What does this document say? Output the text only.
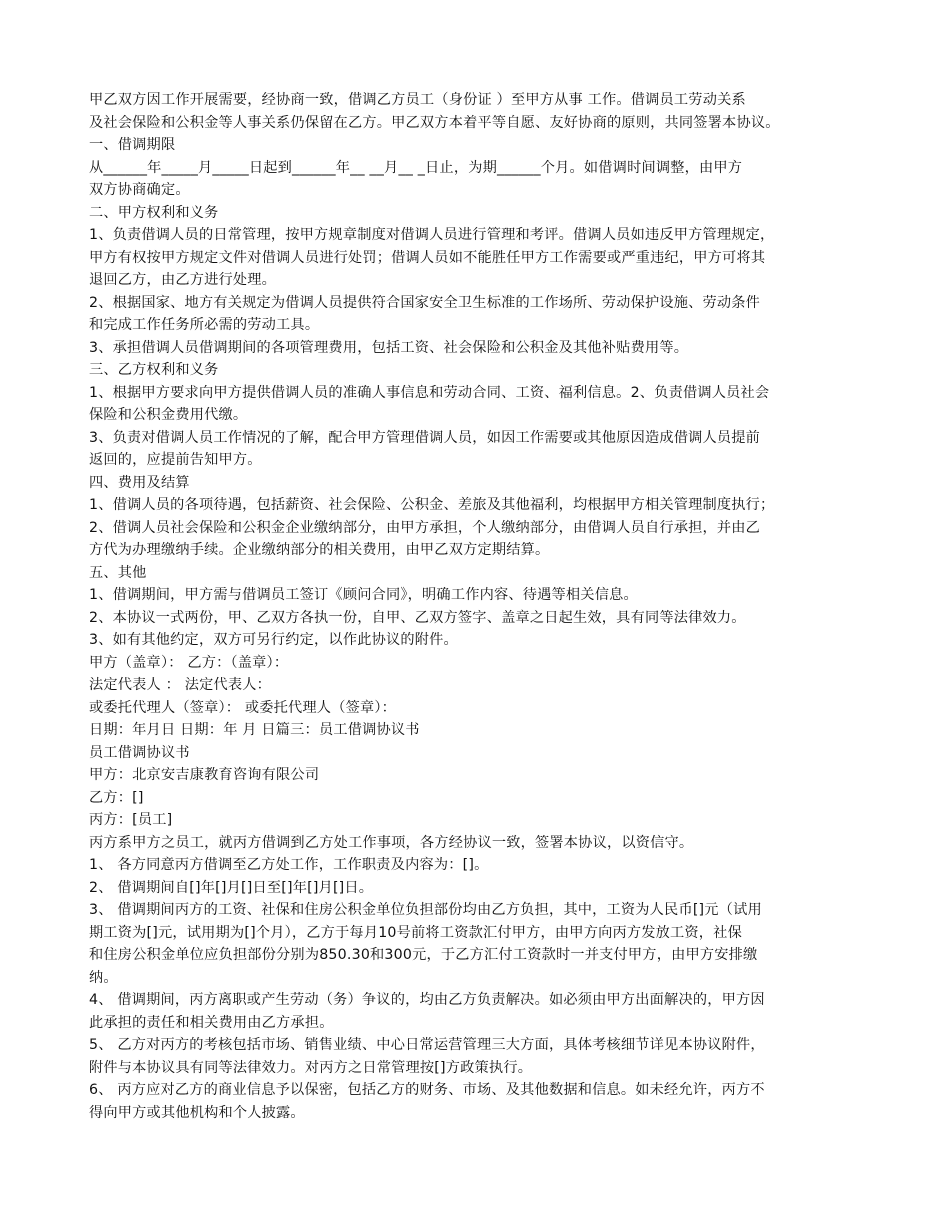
甲乙双方因工作开展需要，经协商一致，借调乙方员工（身份证 ）至甲方从事 工作。借调员工劳动关系
及社会保险和公积金等人事关系仍保留在乙方。甲乙双方本着平等自愿、友好协商的原则，共同签署本协议。
一、借调期限
从______年_____月_____日起到______年__ __月__ _日止，为期______个月。如借调时间调整，由甲方
双方协商确定。
二、甲方权利和义务
1、负责借调人员的日常管理，按甲方规章制度对借调人员进行管理和考评。借调人员如违反甲方管理规定，
甲方有权按甲方规定文件对借调人员进行处罚；借调人员如不能胜任甲方工作需要或严重违纪，甲方可将其
退回乙方，由乙方进行处理。
2、根据国家、地方有关规定为借调人员提供符合国家安全卫生标准的工作场所、劳动保护设施、劳动条件
和完成工作任务所必需的劳动工具。
3、承担借调人员借调期间的各项管理费用，包括工资、社会保险和公积金及其他补贴费用等。
三、乙方权利和义务
1、根据甲方要求向甲方提供借调人员的准确人事信息和劳动合同、工资、福利信息。2、负责借调人员社会
保险和公积金费用代缴。
3、负责对借调人员工作情况的了解，配合甲方管理借调人员，如因工作需要或其他原因造成借调人员提前
返回的，应提前告知甲方。
四、费用及结算
1、借调人员的各项待遇，包括薪资、社会保险、公积金、差旅及其他福利，均根据甲方相关管理制度执行；
2、借调人员社会保险和公积金企业缴纳部分，由甲方承担，个人缴纳部分，由借调人员自行承担，并由乙
方代为办理缴纳手续。企业缴纳部分的相关费用，由甲乙双方定期结算。
五、其他
1、借调期间，甲方需与借调员工签订《顾问合同》，明确工作内容、待遇等相关信息。
2、本协议一式两份，甲、乙双方各执一份，自甲、乙双方签字、盖章之日起生效，具有同等法律效力。
3、如有其他约定，双方可另行约定，以作此协议的附件。
甲方（盖章）： 乙方：（盖章）：
法定代表人 ： 法定代表人：
或委托代理人（签章）： 或委托代理人（签章）：
日期：年月日 日期：年 月 日篇三：员工借调协议书
员工借调协议书
甲方：北京安吉康教育咨询有限公司
乙方：[]
丙方：[员工]
丙方系甲方之员工，就丙方借调到乙方处工作事项，各方经协议一致，签署本协议，以资信守。
1、 各方同意丙方借调至乙方处工作，工作职责及内容为：[]。
2、 借调期间自[]年[]月[]日至[]年[]月[]日。
3、 借调期间丙方的工资、社保和住房公积金单位负担部份均由乙方负担，其中，工资为人民币[]元（试用
期工资为[]元，试用期为[]个月），乙方于每月10号前将工资款汇付甲方，由甲方向丙方发放工资，社保
和住房公积金单位应负担部份分别为850.30和300元，于乙方汇付工资款时一并支付甲方，由甲方安排缴
纳。
4、 借调期间，丙方离职或产生劳动（务）争议的，均由乙方负责解决。如必须由甲方出面解决的，甲方因
此承担的责任和相关费用由乙方承担。
5、 乙方对丙方的考核包括市场、销售业绩、中心日常运营管理三大方面，具体考核细节详见本协议附件，
附件与本协议具有同等法律效力。对丙方之日常管理按[]方政策执行。
6、 丙方应对乙方的商业信息予以保密，包括乙方的财务、市场、及其他数据和信息。如未经允许，丙方不
得向甲方或其他机构和个人披露。
